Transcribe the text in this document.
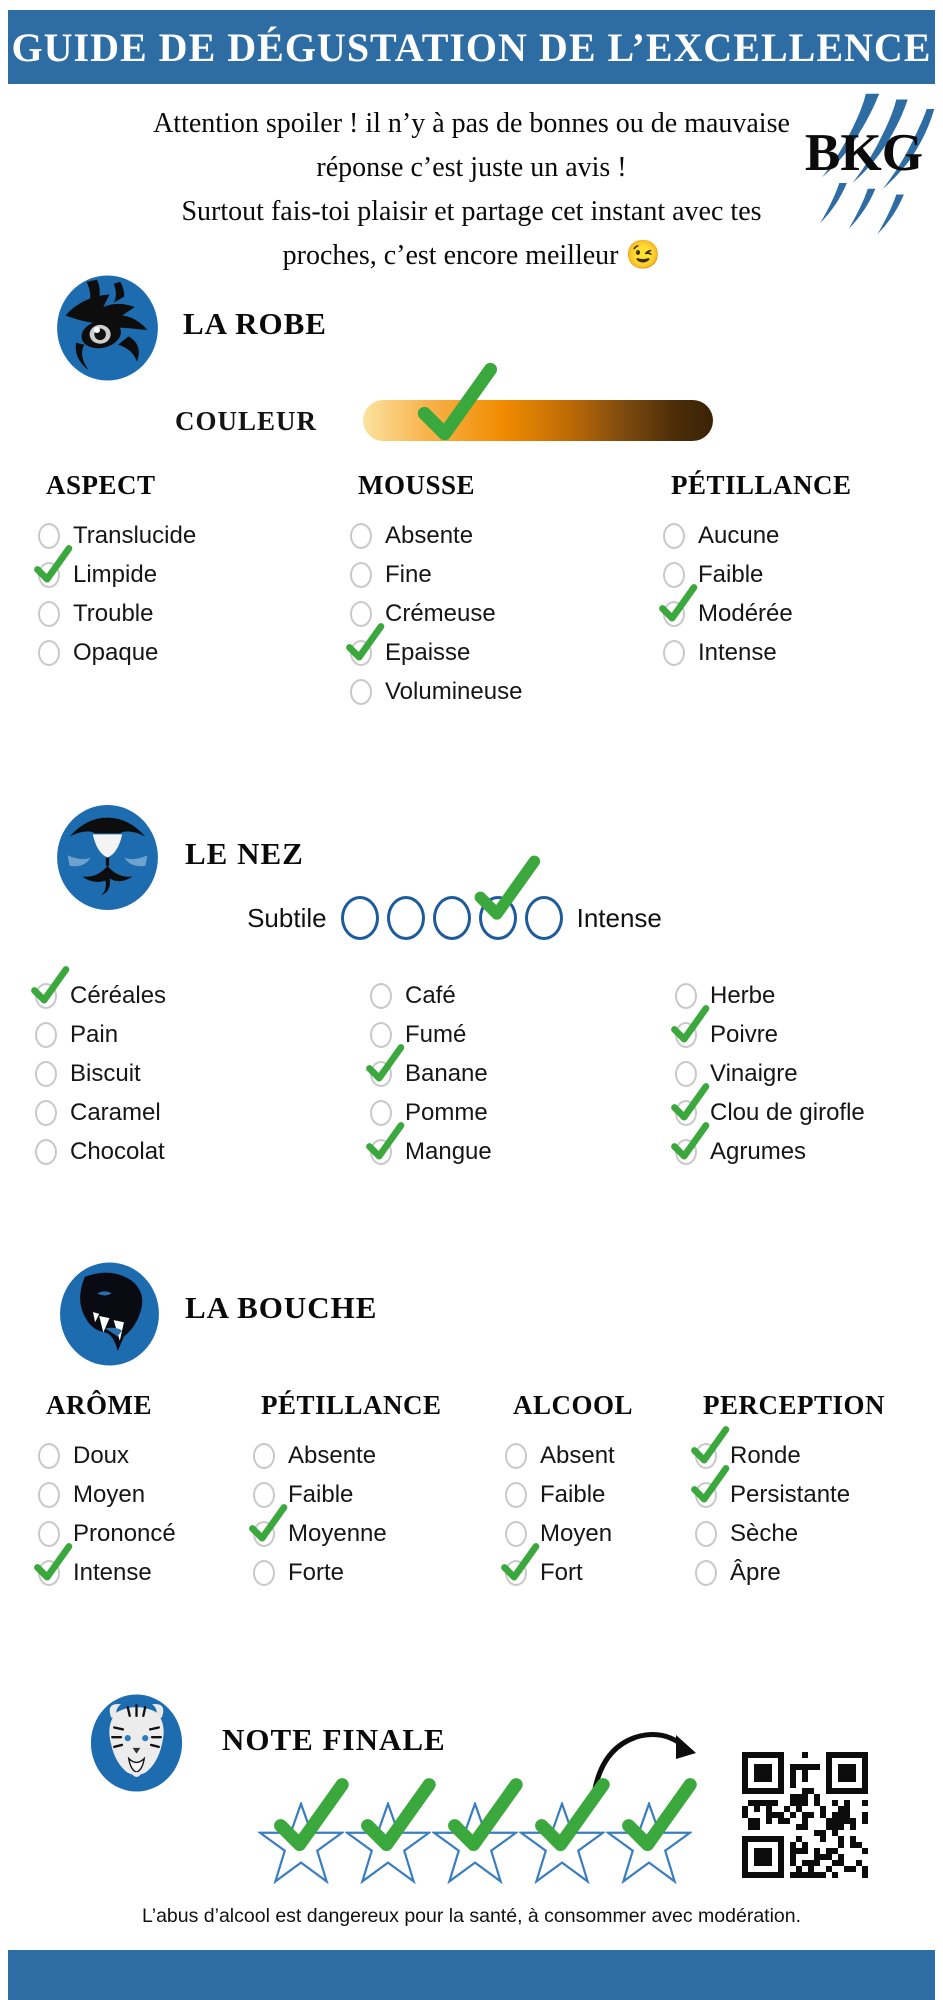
GUIDE DE DÉGUSTATION DE L’EXCELLENCE
Attention spoiler ! il n’y à pas de bonnes ou de mauvaise
réponse c’est juste un avis !
Surtout fais-toi plaisir et partage cet instant avec tes
proches, c’est encore meilleur 😉
BKG
LA ROBE
COULEUR
ASPECT
Translucide
Limpide
Trouble
Opaque
MOUSSE
Absente
Fine
Crémeuse
Epaisse
Volumineuse
PÉTILLANCE
Aucune
Faible
Modérée
Intense
LE NEZ
Subtile	Intense
Céréales
Pain
Biscuit
Caramel
Chocolat
Café
Fumé
Banane
Pomme
Mangue
Herbe
Poivre
Vinaigre
Clou de girofle
Agrumes
LA BOUCHE
ARÔME
Doux
Moyen
Prononcé
Intense
PÉTILLANCE
Absente
Faible
Moyenne
Forte
ALCOOL
Absent
Faible
Moyen
Fort
PERCEPTION
Ronde
Persistante
Sèche
Âpre
NOTE FINALE
L’abus d’alcool est dangereux pour la santé, à consommer avec modération.
